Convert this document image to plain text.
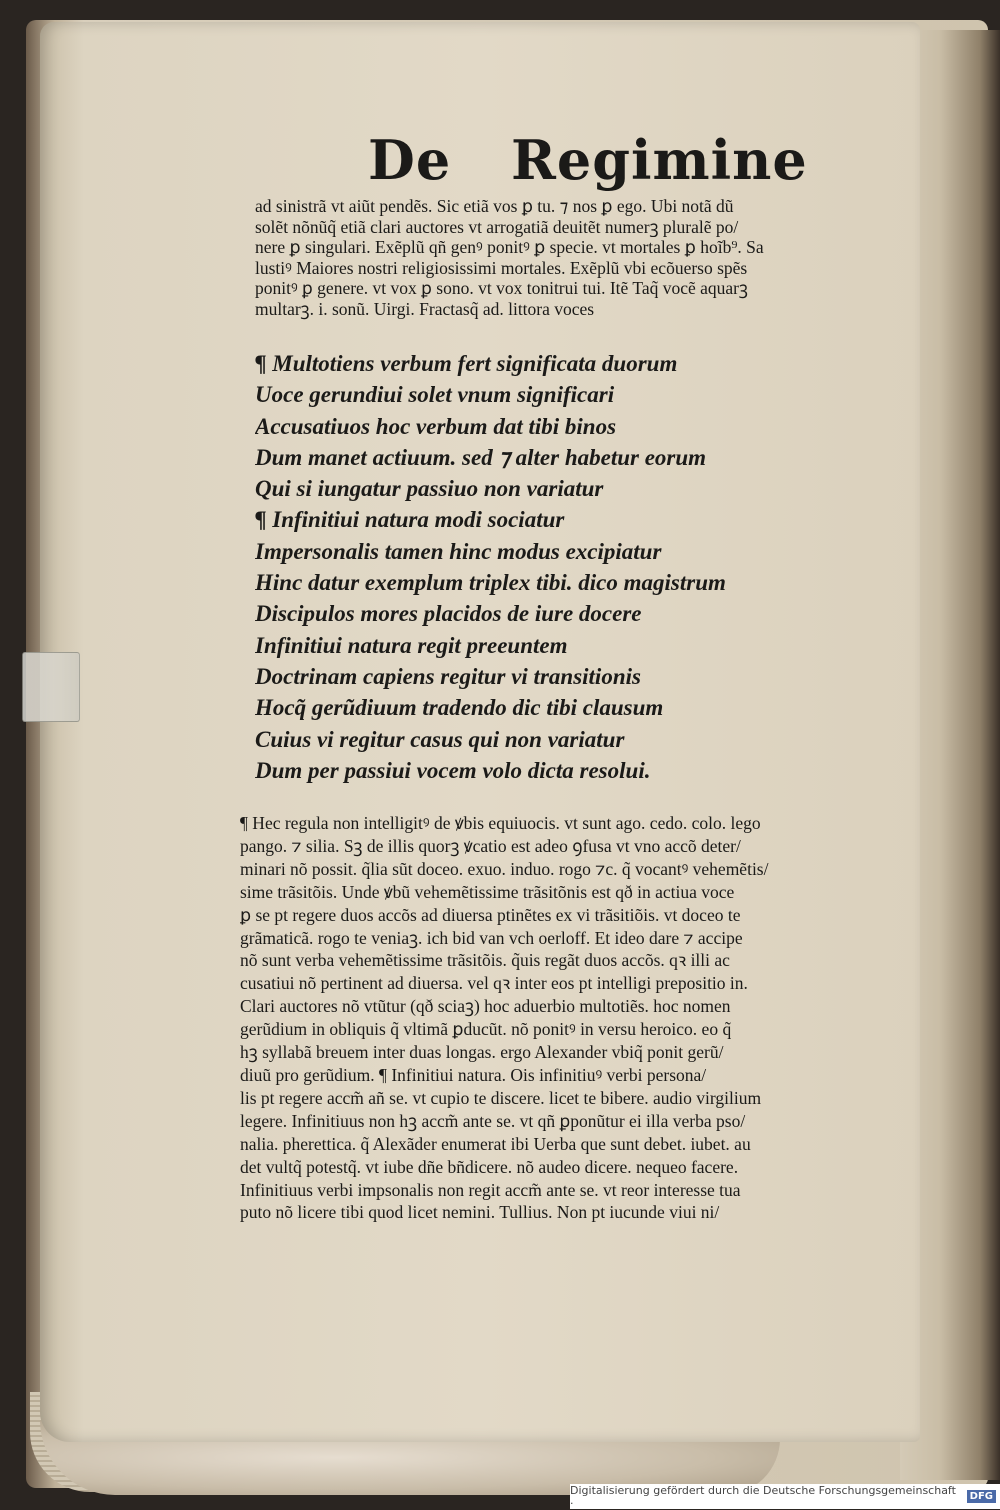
De Regimine
ad sinistrã vt aiũt pendẽs. Sic etiã vos ꝑ tu. ⁊ nos ꝑ ego. Ubi notã dũ
solẽt nõnũq̃ etiã clari auctores vt arrogatiã deuitẽt numerꝫ pluralẽ po/
nere ꝑ singulari. Exẽplũ qñ genꝰ ponitꝰ ꝑ specie. vt mortales ꝑ hoĩb⁹. Sa
lustiꝰ Maiores nostri religiosissimi mortales. Exẽplũ vbi ecõuerso spẽs
ponitꝰ ꝑ genere. vt vox ꝑ sono. vt vox tonitrui tui. Itẽ Taq̃ vocẽ aquarꝫ
multarꝫ. i. sonũ. Uirgi. Fractasq̃ ad. littora voces
¶ Multotiens verbum fert significata duorum
Uoce gerundiui solet vnum significari
Accusatiuos hoc verbum dat tibi binos
Dum manet actiuum. sed ⁊ alter habetur eorum
Qui si iungatur passiuo non variatur
¶ Infinitiui natura modi sociatur
Impersonalis tamen hinc modus excipiatur
Hinc datur exemplum triplex tibi. dico magistrum
Discipulos mores placidos de iure docere
Infinitiui natura regit preeuntem
Doctrinam capiens regitur vi transitionis
Hocq̃ gerũdiuum tradendo dic tibi clausum
Cuius vi regitur casus qui non variatur
Dum per passiui vocem volo dicta resolui.
¶ Hec regula non intelligitꝰ de ꝟbis equiuocis. vt sunt ago. cedo. colo. lego
pango. ⁊ silia. Sꝫ de illis quorꝫ ꝟcatio est adeo ꝯfusa vt vno accõ deter/
minari nõ possit. q̃lia sũt doceo. exuo. induo. rogo ⁊c. q̃ vocantꝰ vehemẽtis/
sime trãsitõis. Unde ꝟbũ vehemẽtissime trãsitõnis est qð in actiua voce
ꝑ se pt regere duos accõs ad diuersa ptinẽtes ex vi trãsitiõis. vt doceo te
grãmaticã. rogo te veniaꝫ. ich bid van vch oerloff. Et ideo dare ⁊ accipe
nõ sunt verba vehemẽtissime trãsitõis. q̃uis regãt duos accõs. qꝛ illi ac
cusatiui nõ pertinent ad diuersa. vel qꝛ inter eos pt intelligi prepositio in.
Clari auctores nõ vtũtur (qð sciaꝫ) hoc aduerbio multotiẽs. hoc nomen
gerũdium in obliquis q̃ vltimã ꝑducũt. nõ ponitꝰ in versu heroico. eo q̃
hꝫ syllabã breuem inter duas longas. ergo Alexander vbiq̃ ponit gerũ/
diuũ pro gerũdium. ¶ Infinitiui natura. Ois infinitiuꝰ verbi persona/
lis pt regere accm̃ añ se. vt cupio te discere. licet te bibere. audio virgilium
legere. Infinitiuus non hꝫ accm̃ ante se. vt qñ ꝑponũtur ei illa verba pso/
nalia. pherettica. q̃ Alexãder enumerat ibi Uerba que sunt debet. iubet. au
det vultq̃ potestq̃. vt iube dñe bñdicere. nõ audeo dicere. nequeo facere.
Infinitiuus verbi impsonalis non regit accm̃ ante se. vt reor interesse tua
puto nõ licere tibi quod licet nemini. Tullius. Non pt iucunde viui ni/
Digitalisierung gefördert durch die Deutsche Forschungsgemeinschaft ·	DFG
